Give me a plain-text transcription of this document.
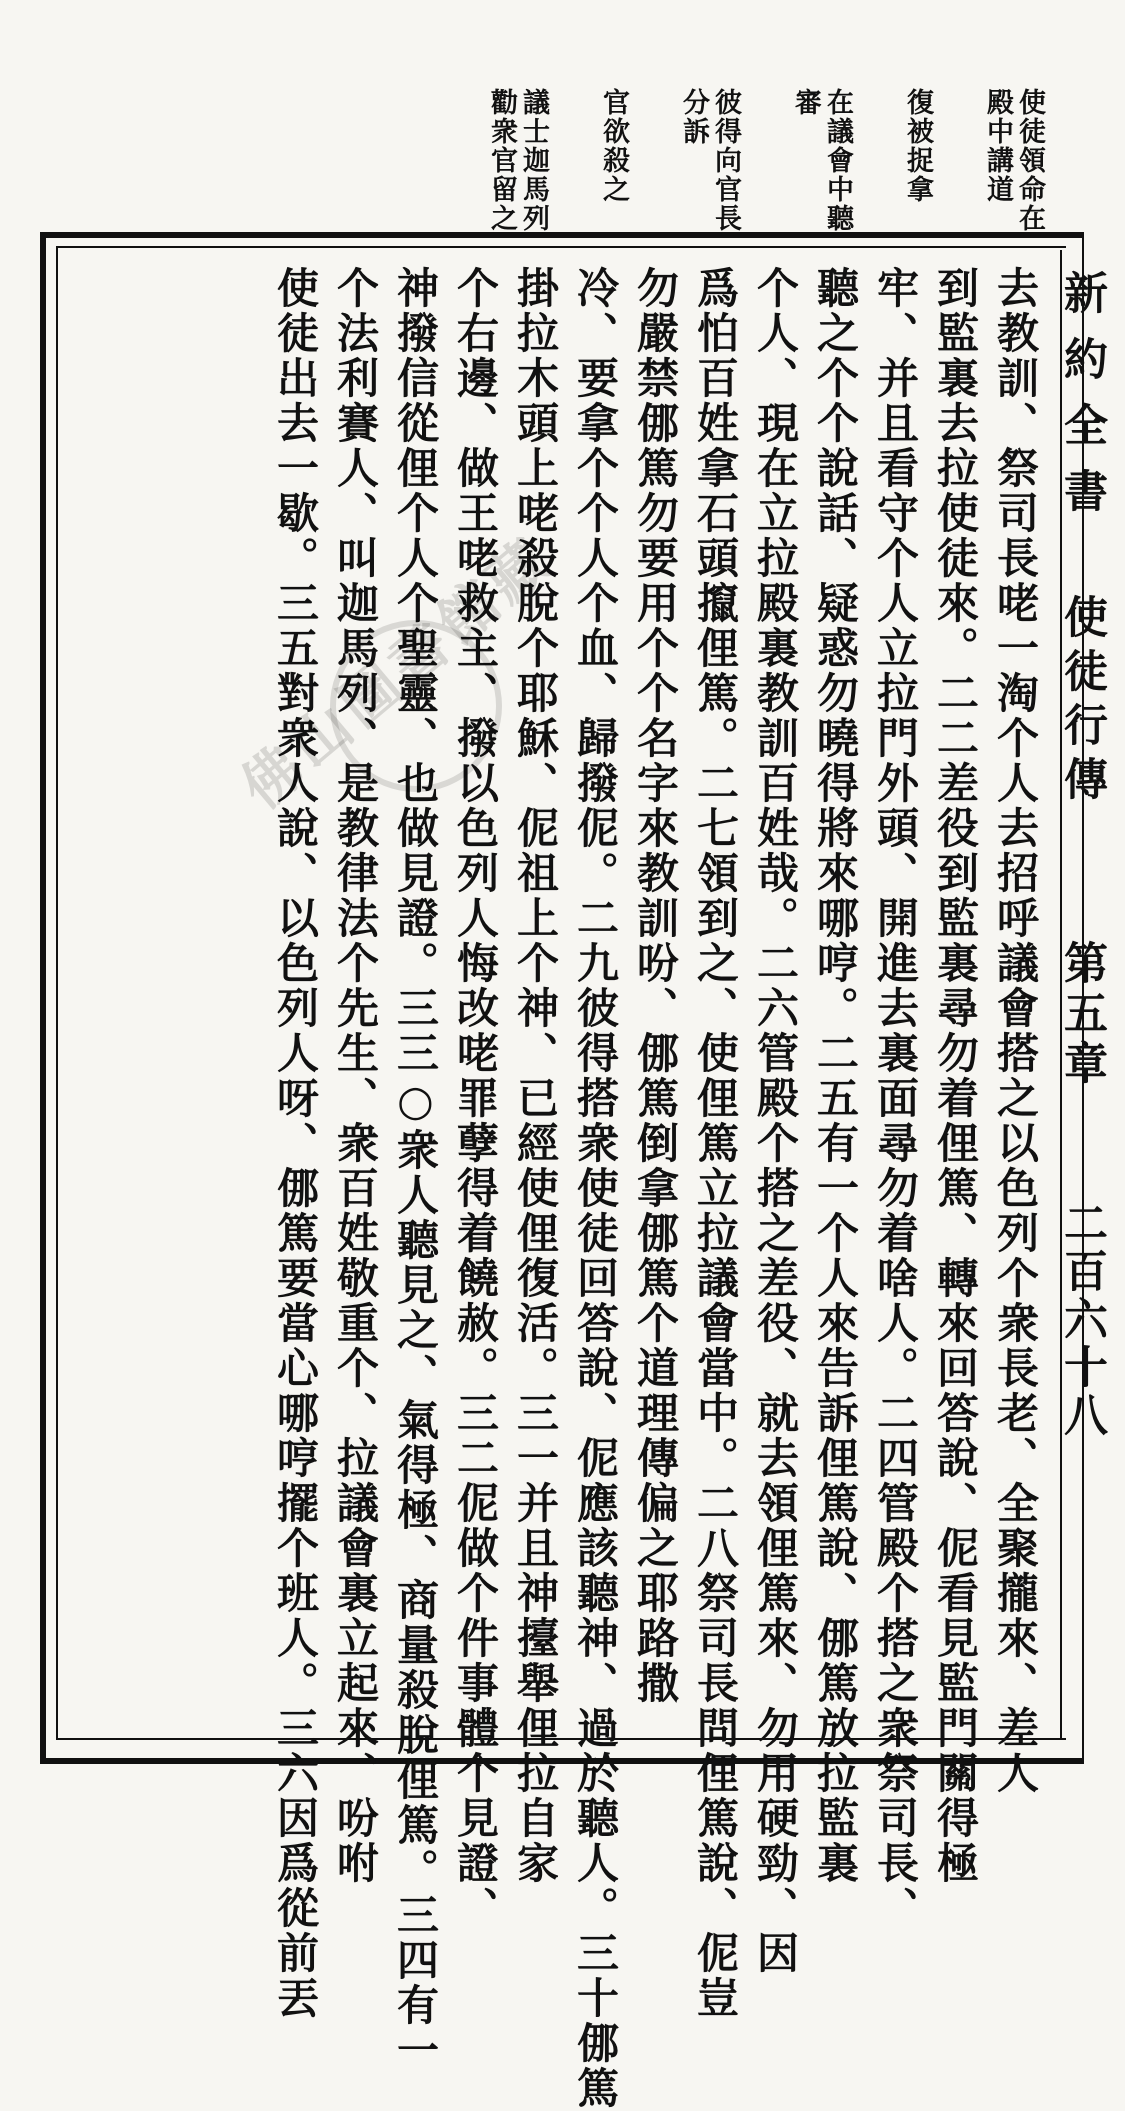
使徒領命在殿中講道
復被捉拿
在議會中聽審
彼得向官長分訴
官欲殺之
議士迦馬列勸衆官留之
新約全書
使徒行傳
第五章
二百六十八
去教訓、祭司長咾一淘个人去招呼議會搭之以色列个衆長老、全聚攏來、差人
到監裏去拉使徒來。二二差役到監裏尋勿着俚篤、轉來回答說、伲看見監門關得極
牢、并且看守个人立拉門外頭、開進去裏面尋勿着啥人。二四管殿个搭之衆祭司長、
聽之个个說話、疑惑勿曉得將來哪哼。二五有一个人來告訴俚篤說、㑚篤放拉監裏
个人、現在立拉殿裏教訓百姓哉。二六管殿个搭之差役、就去領俚篤來、勿用硬勁、因
爲怕百姓拿石頭攛俚篤。二七領到之、使俚篤立拉議會當中。二八祭司長問俚篤說、伲豈
勿嚴禁㑚篤勿要用个个名字來教訓吩、㑚篤倒拿㑚篤个道理傳偏之耶路撒
冷、要拿个个人个血、歸撥伲。二九彼得搭衆使徒回答說、伲應該聽神、過於聽人。三十㑚篤
掛拉木頭上咾殺脫个耶穌、伲祖上个神、已經使俚復活。三一并且神擡舉俚拉自家
个右邊、做王咾救主、撥以色列人悔改咾罪孽得着饒赦。三二伲做个件事體个見證、
神撥信從俚个人个聖靈、也做見證。三三○衆人聽見之、氣得極、商量殺脫俚篤。三四有一
个法利賽人、叫迦馬列、是教律法个先生、衆百姓敬重个、拉議會裏立起來、吩咐
使徒出去一歇。三五對衆人說、以色列人呀、㑚篤要當心哪哼擺个班人。三六因爲從前丟
佛山圖書館藏
